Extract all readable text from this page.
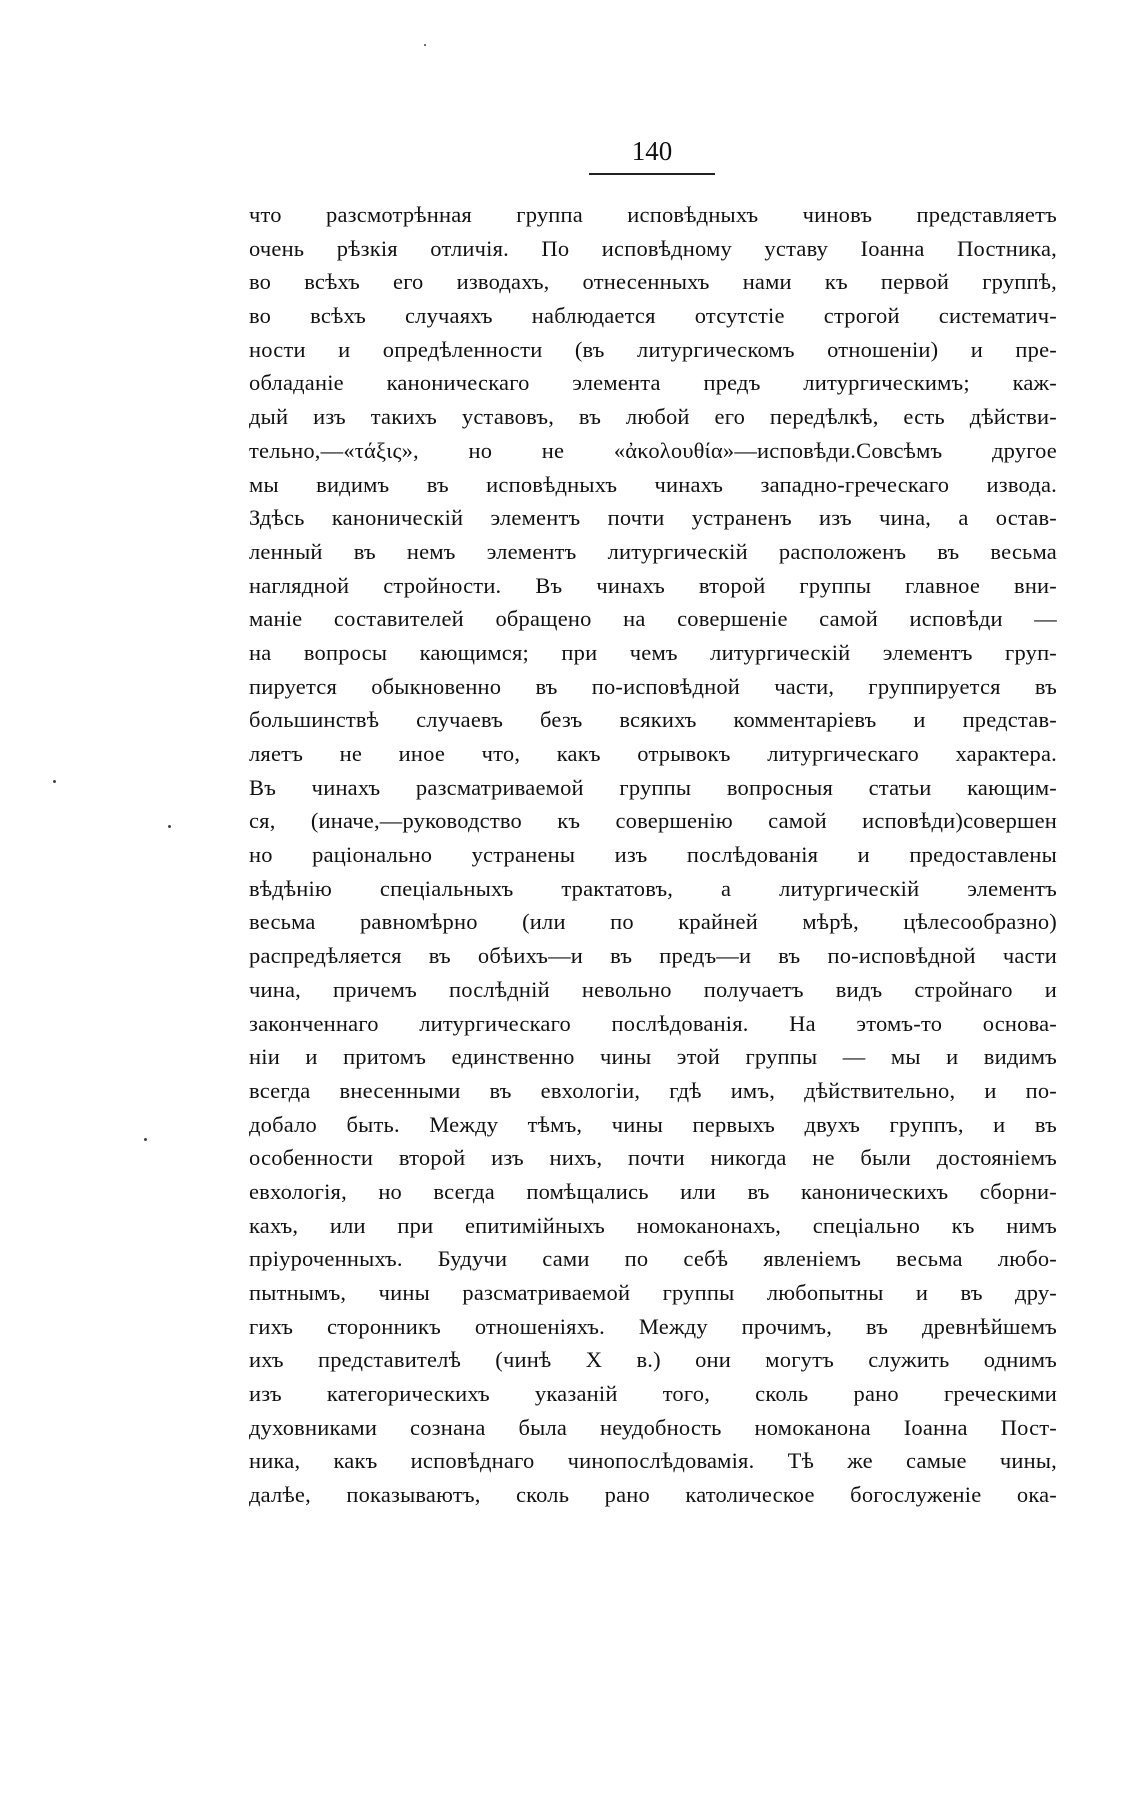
140
что разсмотрѣнная группа исповѣдныхъ чиновъ представляетъ
очень рѣзкія отличія. По исповѣдному уставу Іоанна Постника,
во всѣхъ его изводахъ, отнесенныхъ нами къ первой группѣ,
во всѣхъ случаяхъ наблюдается отсутстіе строгой систематич-
ности и опредѣленности (въ литургическомъ отношеніи) и пре-
обладаніе каноническаго элемента предъ литургическимъ; каж-
дый изъ такихъ уставовъ, въ любой его передѣлкѣ, есть дѣйстви-
тельно,—«τάξις», но не «ἀκολουθία»—исповѣди.Совсѣмъ другое
мы видимъ въ исповѣдныхъ чинахъ западно-греческаго извода.
Здѣсь каноническій элементъ почти устраненъ изъ чина, а остав-
ленный въ немъ элементъ литургическій расположенъ въ весьма
наглядной стройности. Въ чинахъ второй группы главное вни-
маніе составителей обращено на совершеніе самой исповѣди —
на вопросы кающимся; при чемъ литургическій элементъ груп-
пируется обыкновенно въ по-исповѣдной части, группируется въ
большинствѣ случаевъ безъ всякихъ комментаріевъ и представ-
ляетъ не иное что, какъ отрывокъ литургическаго характера.
Въ чинахъ разсматриваемой группы вопросныя статьи кающим-
ся, (иначе,—руководство къ совершенію самой исповѣди)совершен
но раціонально устранены изъ послѣдованія и предоставлены
вѣдѣнію спеціальныхъ трактатовъ, а литургическій элементъ
весьма равномѣрно (или по крайней мѣрѣ, цѣлесообразно)
распредѣляется въ обѣихъ—и въ предъ—и въ по-исповѣдной части
чина, причемъ послѣдній невольно получаетъ видъ стройнаго и
законченнаго литургическаго послѣдованія. На этомъ-то основа-
ніи и притомъ единственно чины этой группы — мы и видимъ
всегда внесенными въ евхологіи, гдѣ имъ, дѣйствительно, и по-
добало быть. Между тѣмъ, чины первыхъ двухъ группъ, и въ
особенности второй изъ нихъ, почти никогда не были достояніемъ
евхологія, но всегда помѣщались или въ каноническихъ сборни-
кахъ, или при епитимійныхъ номоканонахъ, спеціально къ нимъ
пріуроченныхъ. Будучи сами по себѣ явленіемъ весьма любо-
пытнымъ, чины разсматриваемой группы любопытны и въ дру-
гихъ сторонникъ отношеніяхъ. Между прочимъ, въ древнѣйшемъ
ихъ представителѣ (чинѣ X в.) они могутъ служить однимъ
изъ категорическихъ указаній того, сколь рано греческими
духовниками сознана была неудобность номоканона Іоанна Пост-
ника, какъ исповѣднаго чинопослѣдовамія. Тѣ же самые чины,
далѣе, показываютъ, сколь рано католическое богослуженіе ока-
